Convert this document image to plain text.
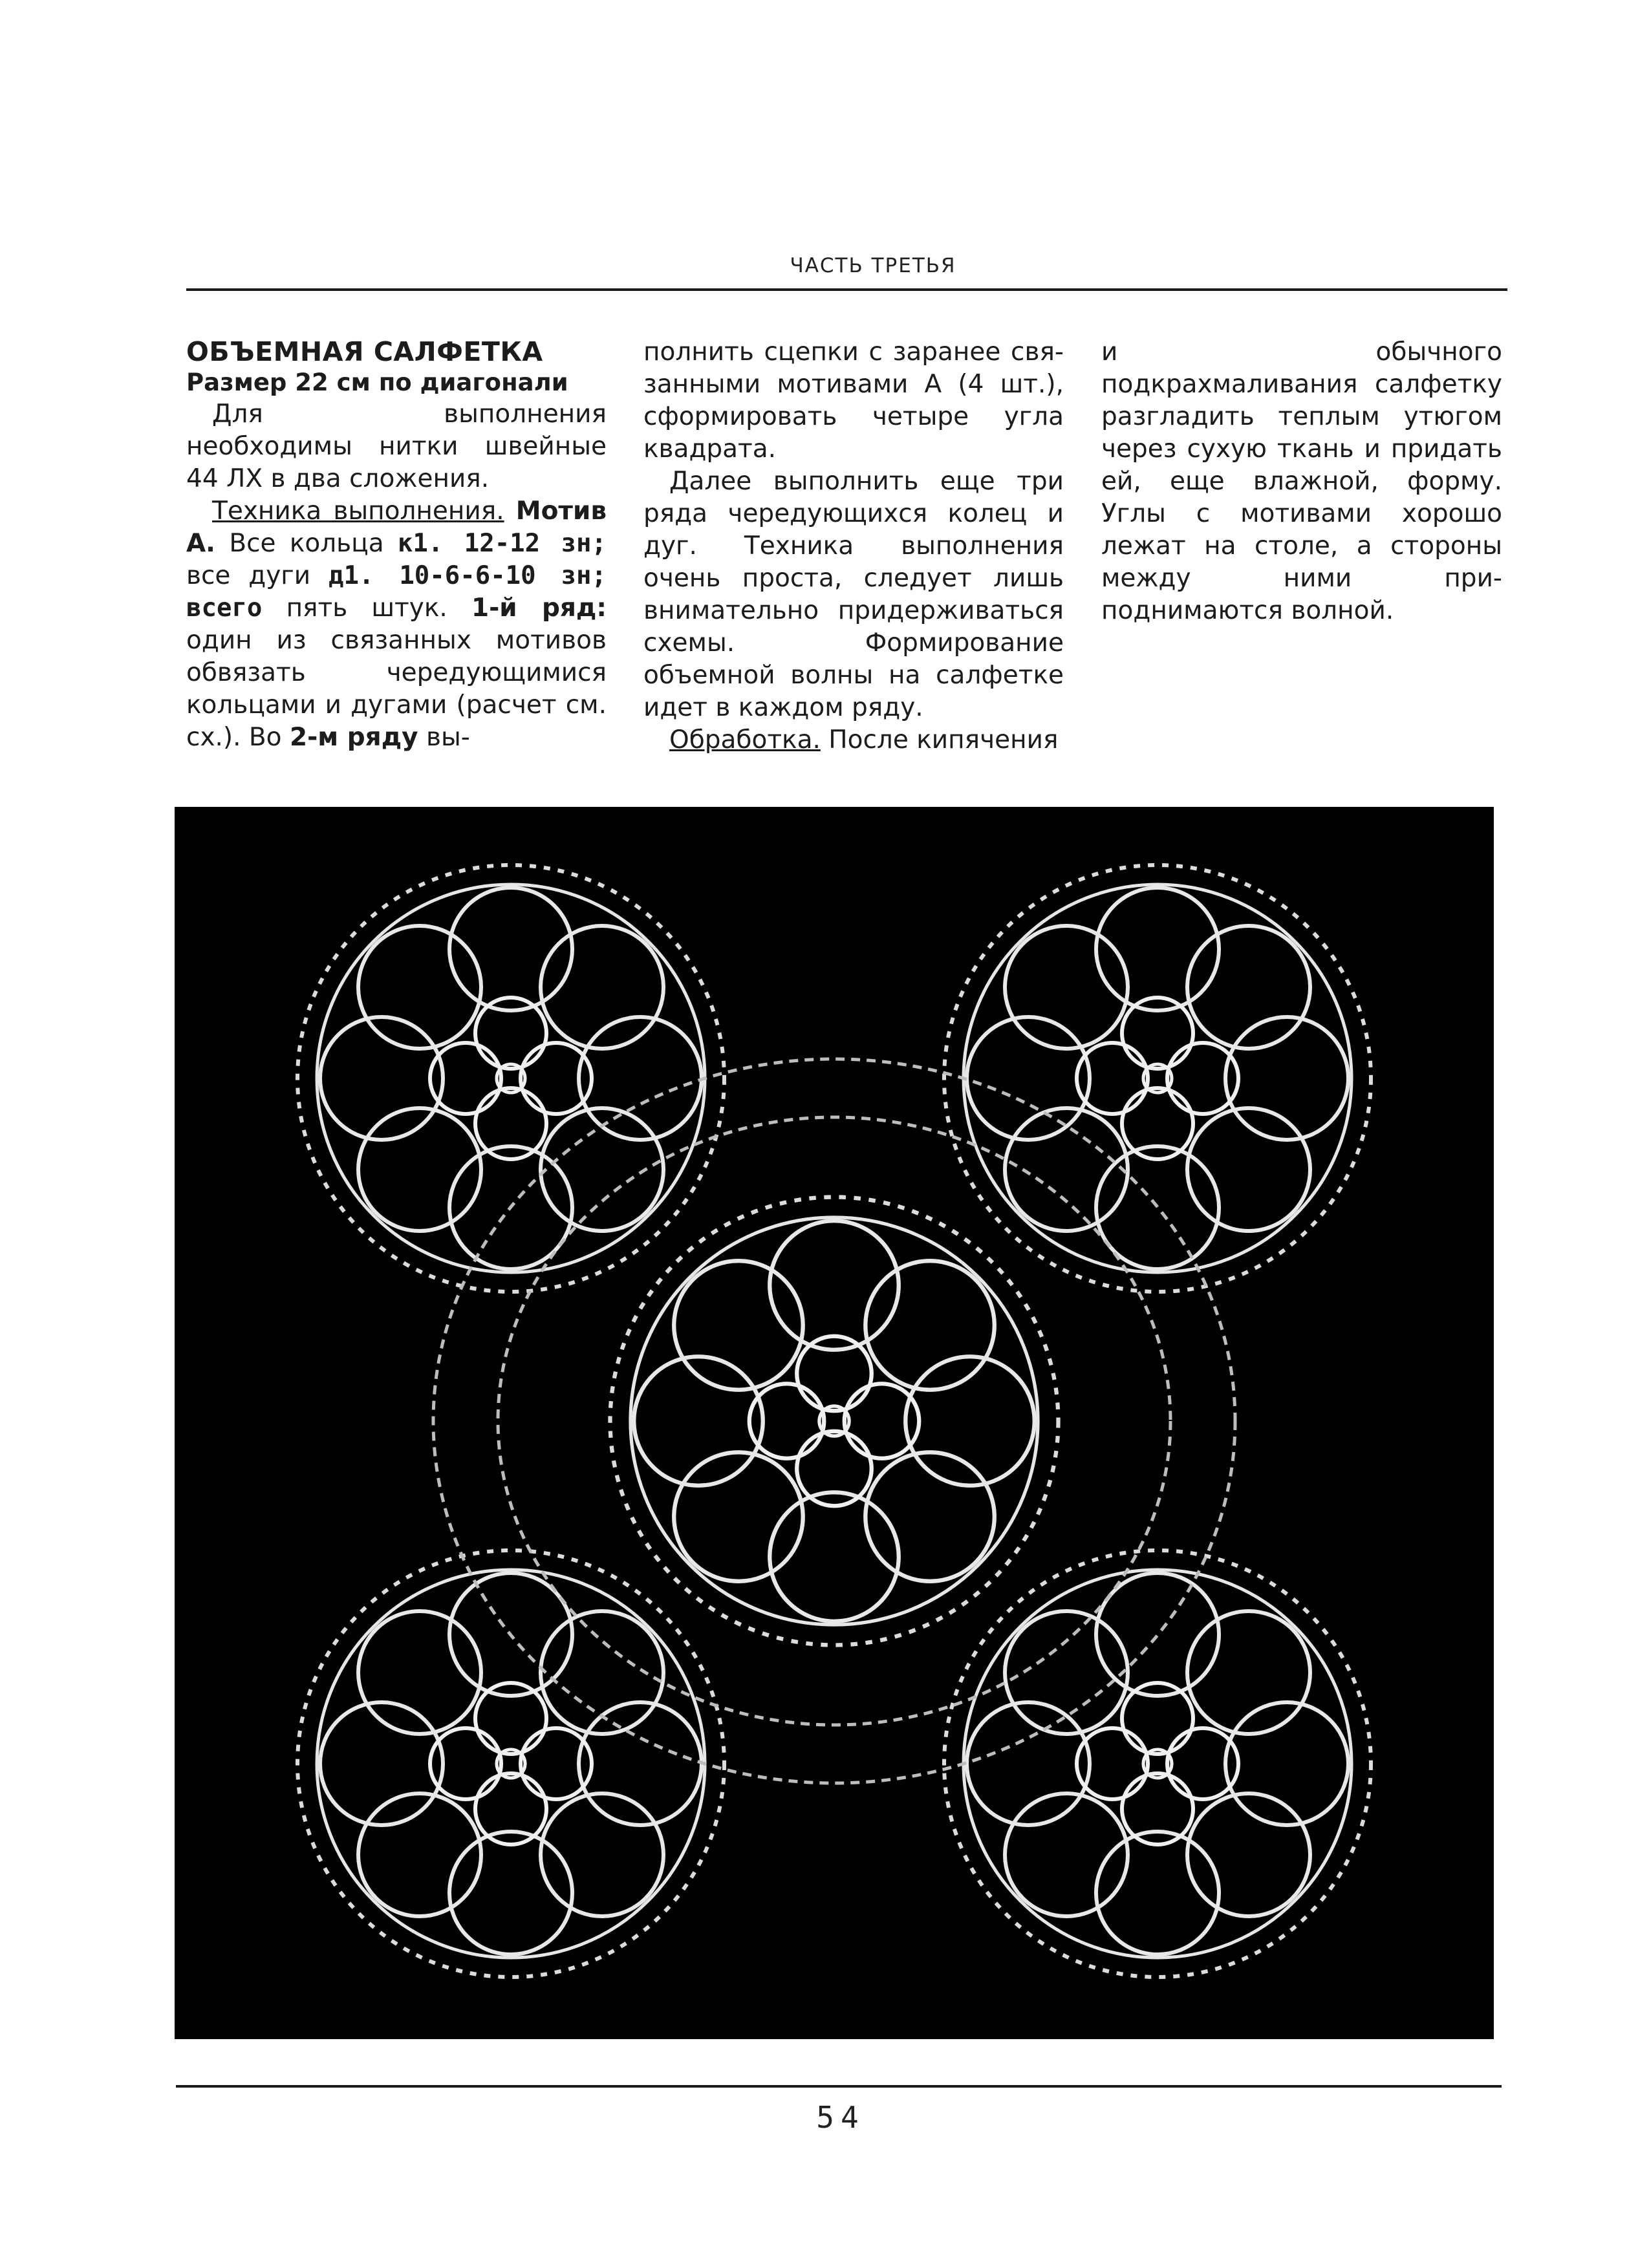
ЧАСТЬ ТРЕТЬЯ

ОБЪЕМНАЯ САЛФЕТКА

Размер 22 см по диагонали

Для выполнения необходимы нитки швейные 44 ЛХ в два сложения.

Техника выполнения. Мотив А. Все кольца к1. 12-12 зн; все дуги д1. 10-6-6-10 зн; всего пять штук. 1-й ряд: один из связанных мотивов обвязать чередующимися кольцами и дугами (расчет см. сх.). Во 2-м ряду вы-

полнить сцепки с заранее связанными мотивами А (4 шт.), сформировать четыре угла квадрата.

Далее выполнить еще три ряда чередующихся колец и дуг. Техника выполнения очень проста, следует лишь внимательно придерживаться схемы. Формирование объемной волны на салфетке идет в каждом ряду.

Обработка. После кипячения

и обычного подкрахмаливания салфетку разгладить теплым утюгом через сухую ткань и придать ей, еще влажной, форму. Углы с мотивами хорошо лежат на столе, а стороны между ними приподнимаются волной.

54
